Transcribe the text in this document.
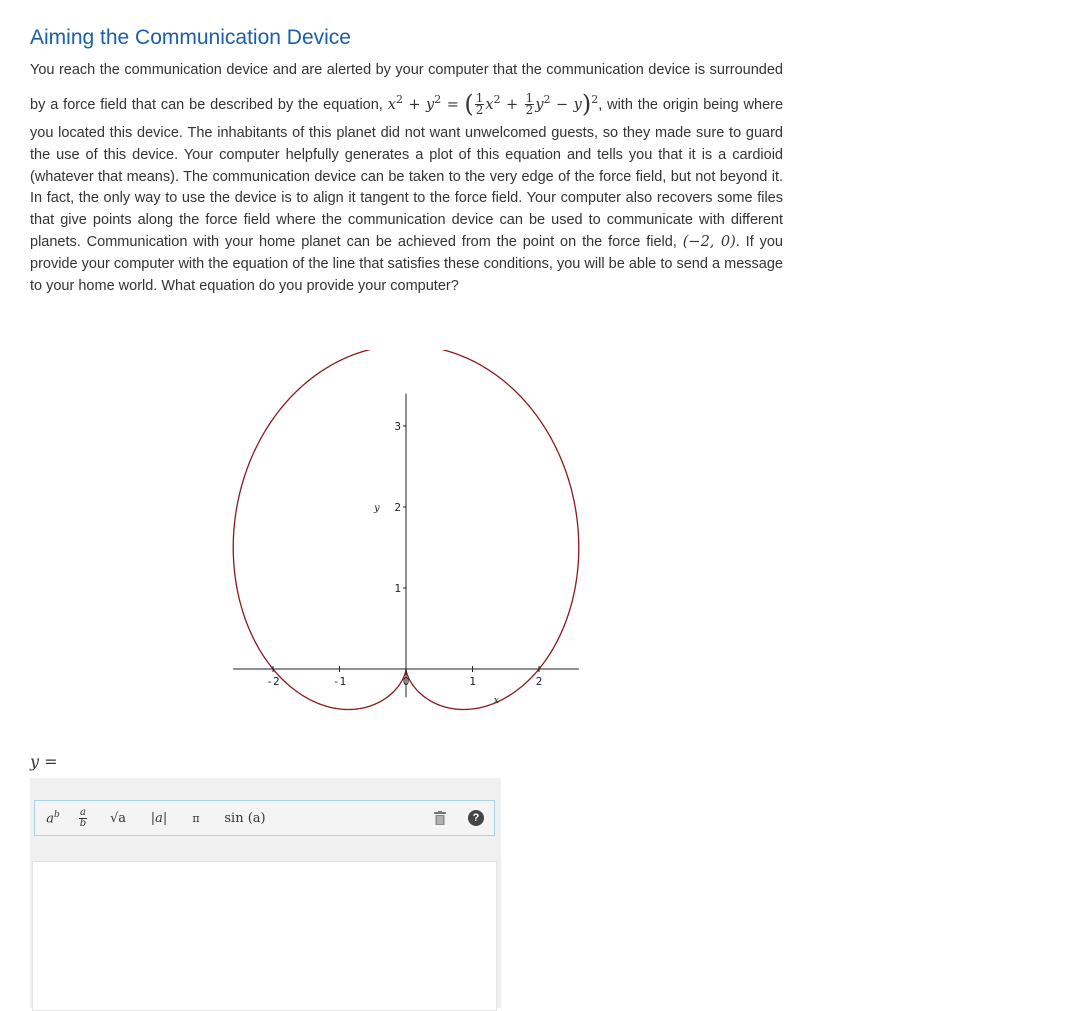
Aiming the Communication Device

You reach the communication device and are alerted by your computer that the communication device is surrounded by a force field that can be described by the equation, $x^2 + y^2$ = ( $\frac{1}{2} x^2 + \frac{1}{2} y^2 - y)^2$, with the origin being where you located this device. The inhabitants of this planet did not want unwelcomed guests, so they made sure to guard the use of this device. Your computer helpfully generates a plot of this equation and tells you that it is a cardioid (whatever that means). The communication device can be taken to the very edge of the force field, but not beyond it. In fact, the only way to use the device is to align it tangent to the force field. Your computer also recovers some files that give points along the force field where the communication device can be used to communicate with different planets. Communication with your home planet can be achieved from the point on the force field, (−2, 0). If you provide your computer with the equation of the line that satisfies these conditions, you will be able to send a message to your home world. What equation do you provide your computer?

-2	-1	0	1	2
1
2
3
y
x
y =
$a^b \frac{a}{b} √a$ |a| π sin (a)	?
